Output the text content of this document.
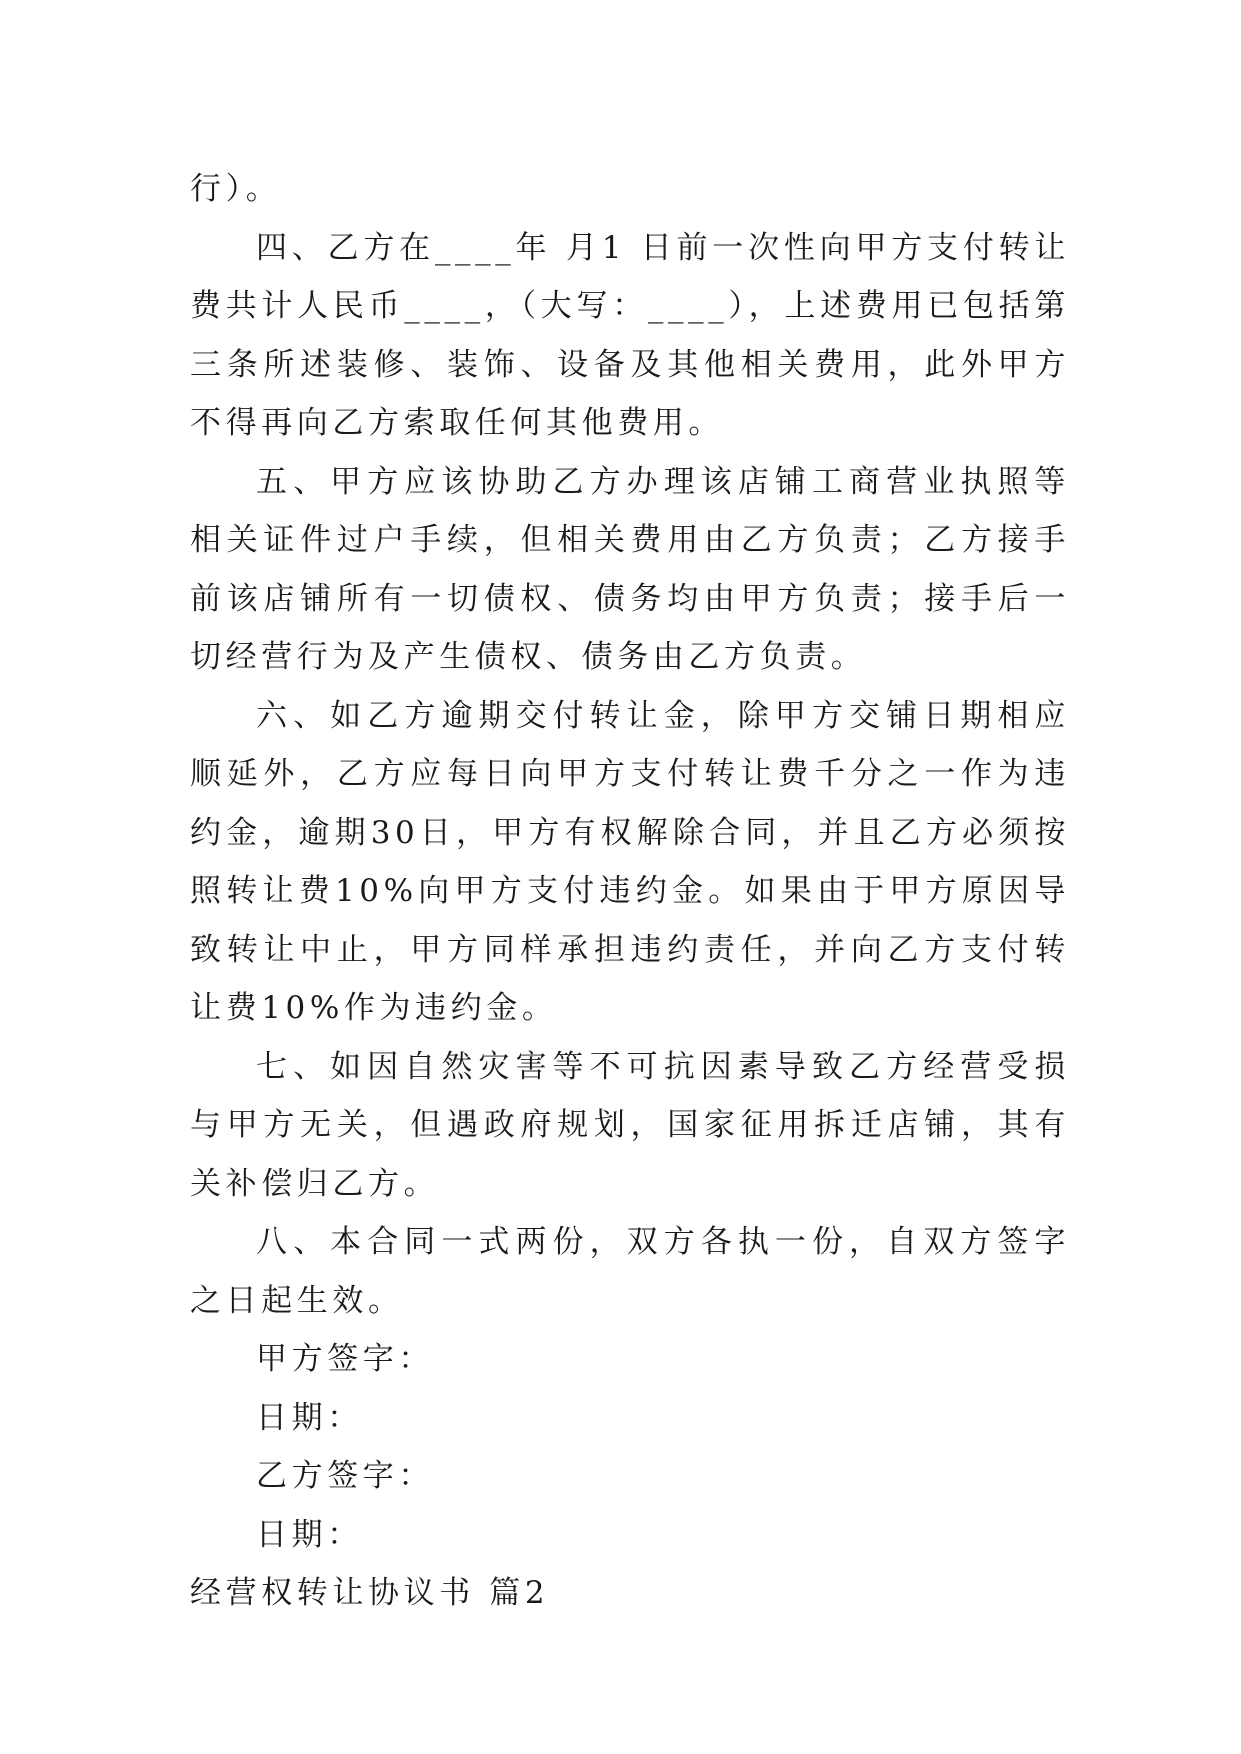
行）。

四、乙方在____年 月1 日前一次性向甲方支付转让费共计人民币____，（大写：____），上述费用已包括第三条所述装修、装饰、设备及其他相关费用，此外甲方不得再向乙方索取任何其他费用。

五、甲方应该协助乙方办理该店铺工商营业执照等相关证件过户手续，但相关费用由乙方负责；乙方接手前该店铺所有一切债权、债务均由甲方负责；接手后一切经营行为及产生债权、债务由乙方负责。

六、如乙方逾期交付转让金，除甲方交铺日期相应顺延外，乙方应每日向甲方支付转让费千分之一作为违约金，逾期30日，甲方有权解除合同，并且乙方必须按照转让费10%向甲方支付违约金。如果由于甲方原因导致转让中止，甲方同样承担违约责任，并向乙方支付转让费10%作为违约金。

七、如因自然灾害等不可抗因素导致乙方经营受损与甲方无关，但遇政府规划，国家征用拆迁店铺，其有关补偿归乙方。

八、本合同一式两份，双方各执一份，自双方签字之日起生效。

甲方签字：

日期：

乙方签字：

日期：

经营权转让协议书 篇2
